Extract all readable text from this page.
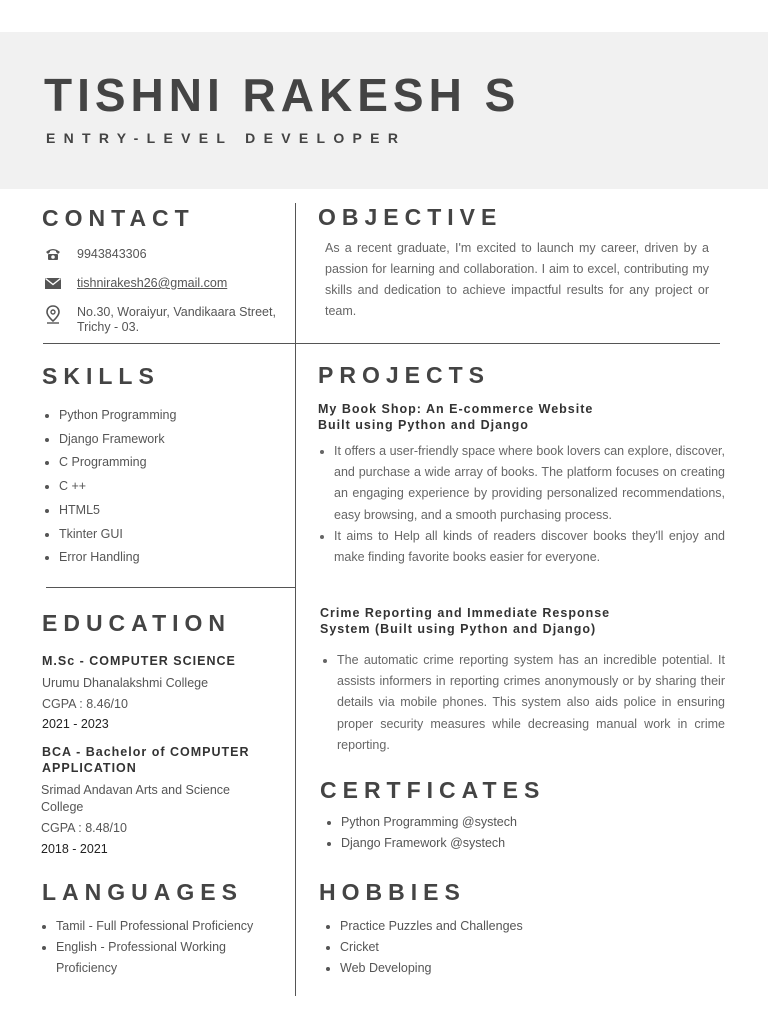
TISHNI RAKESH S
ENTRY-LEVEL DEVELOPER
CONTACT
9943843306
tishnirakesh26@gmail.com
No.30, Woraiyur, Vandikaara Street, Trichy - 03.
OBJECTIVE
As a recent graduate, I'm excited to launch my career, driven by a passion for learning and collaboration. I aim to excel, contributing my skills and dedication to achieve impactful results for any project or team.
SKILLS
• Python Programming
• Django Framework
• C Programming
• C ++
• HTML5
• Tkinter GUI
• Error Handling
PROJECTS
My Book Shop: An E-commerce Website Built using Python and Django
• It offers a user-friendly space where book lovers can explore, discover, and purchase a wide array of books. The platform focuses on creating an engaging experience by providing personalized recommendations, easy browsing, and a smooth purchasing process.
• It aims to Help all kinds of readers discover books they'll enjoy and make finding favorite books easier for everyone.
Crime Reporting and Immediate Response System (Built using Python and Django)
• The automatic crime reporting system has an incredible potential. It assists informers in reporting crimes anonymously or by sharing their details via mobile phones. This system also aids police in ensuring proper security measures while decreasing manual work in crime reporting.
EDUCATION
M.Sc - COMPUTER SCIENCE
Urumu Dhanalakshmi College
CGPA : 8.46/10
2021 - 2023
BCA - Bachelor of COMPUTER APPLICATION
Srimad Andavan Arts and Science College
CGPA : 8.48/10
2018 - 2021
CERTFICATES
• Python Programming @systech
• Django Framework @systech
LANGUAGES
• Tamil - Full Professional Proficiency
• English - Professional Working Proficiency
HOBBIES
• Practice Puzzles and Challenges
• Cricket
• Web Developing
